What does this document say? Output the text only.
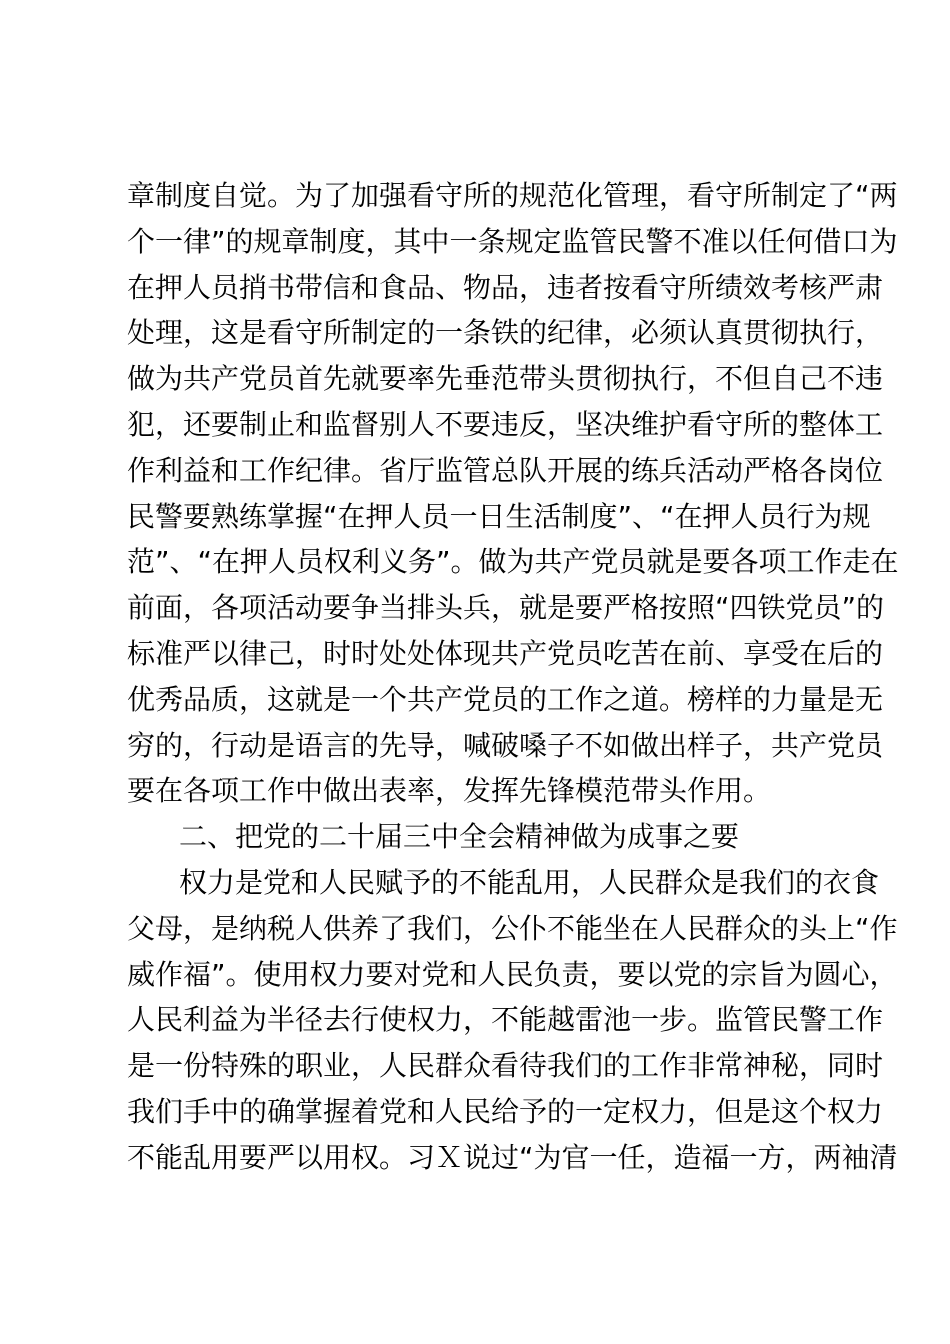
章制度自觉。为了加强看守所的规范化管理，看守所制定了“两
个一律”的规章制度，其中一条规定监管民警不准以任何借口为
在押人员捎书带信和食品、物品，违者按看守所绩效考核严肃
处理，这是看守所制定的一条铁的纪律，必须认真贯彻执行，
做为共产党员首先就要率先垂范带头贯彻执行，不但自己不违
犯，还要制止和监督别人不要违反，坚决维护看守所的整体工
作利益和工作纪律。省厅监管总队开展的练兵活动严格各岗位
民警要熟练掌握“在押人员一日生活制度”、“在押人员行为规
范”、“在押人员权利义务”。做为共产党员就是要各项工作走在
前面，各项活动要争当排头兵，就是要严格按照“四铁党员”的
标准严以律己，时时处处体现共产党员吃苦在前、享受在后的
优秀品质，这就是一个共产党员的工作之道。榜样的力量是无
穷的，行动是语言的先导，喊破嗓子不如做出样子，共产党员
要在各项工作中做出表率，发挥先锋模范带头作用。
二、把党的二十届三中全会精神做为成事之要
权力是党和人民赋予的不能乱用，人民群众是我们的衣食
父母，是纳税人供养了我们，公仆不能坐在人民群众的头上“作
威作福”。使用权力要对党和人民负责，要以党的宗旨为圆心，
人民利益为半径去行使权力，不能越雷池一步。监管民警工作
是一份特殊的职业，人民群众看待我们的工作非常神秘，同时
我们手中的确掌握着党和人民给予的一定权力，但是这个权力
不能乱用要严以用权。习Ｘ说过“为官一任，造福一方，两袖清
